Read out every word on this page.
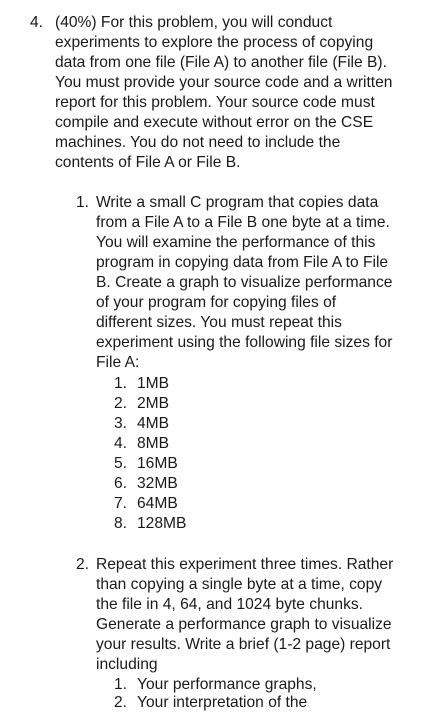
4. (40%) For this problem, you will conduct
experiments to explore the process of copying
data from one file (File A) to another file (File B).
You must provide your source code and a written
report for this problem. Your source code must
compile and execute without error on the CSE
machines. You do not need to include the
contents of File A or File B.
1. Write a small C program that copies data
from a File A to a File B one byte at a time.
You will examine the performance of this
program in copying data from File A to File
B. Create a graph to visualize performance
of your program for copying files of
different sizes. You must repeat this
experiment using the following file sizes for
File A:
1. 1MB
2. 2MB
3. 4MB
4. 8MB
5. 16MB
6. 32MB
7. 64MB
8. 128MB
2. Repeat this experiment three times. Rather
than copying a single byte at a time, copy
the file in 4, 64, and 1024 byte chunks.
Generate a performance graph to visualize
your results. Write a brief (1-2 page) report
including
1. Your performance graphs,
2. Your interpretation of the
